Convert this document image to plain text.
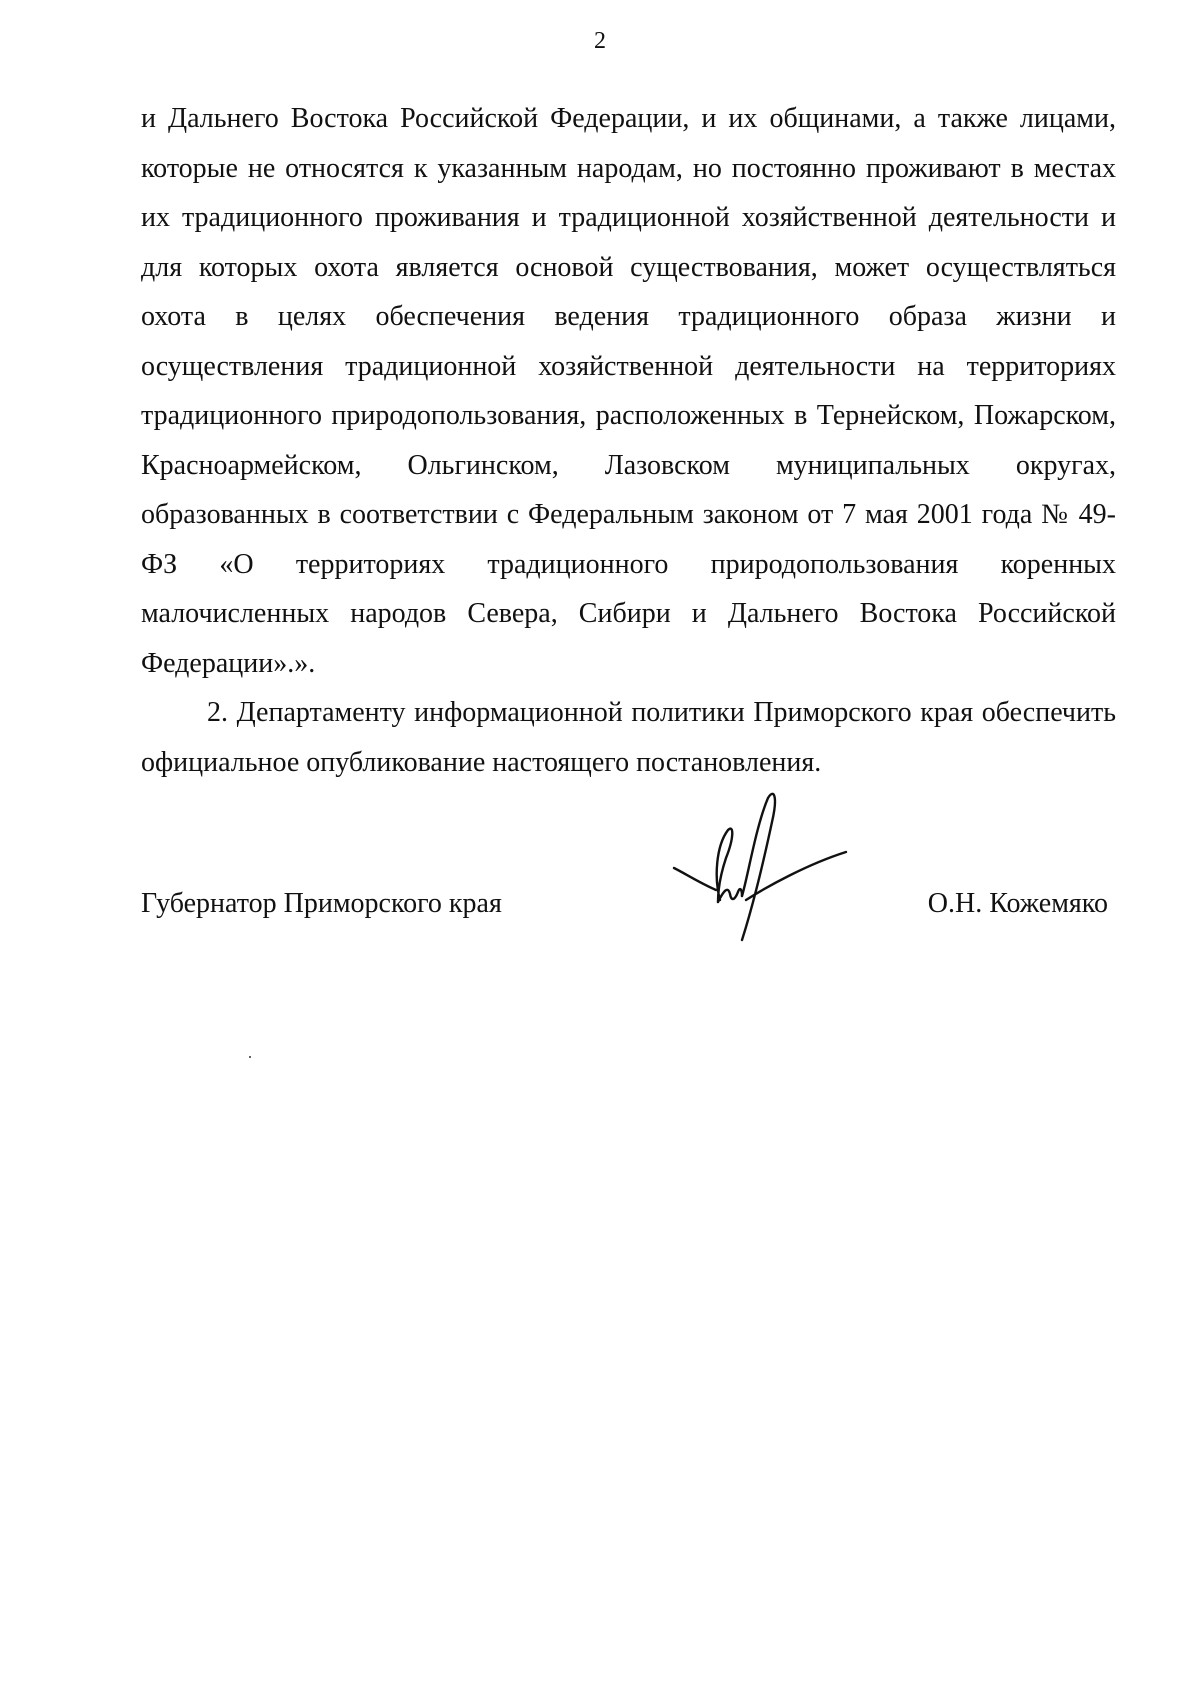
2

и Дальнего Востока Российской Федерации, и их общинами, а также лицами, которые не относятся к указанным народам, но постоянно проживают в местах их традиционного проживания и традиционной хозяйственной деятельности и для которых охота является основой существования, может осуществляться охота в целях обеспечения ведения традиционного образа жизни и осуществления традиционной хозяйственной деятельности на территориях традиционного природопользования, расположенных в Тернейском, Пожарском, Красноармейском, Ольгинском, Лазовском муниципальных округах, образованных в соответствии с Федеральным законом от 7 мая 2001 года № 49-ФЗ «О территориях традиционного природопользования коренных малочисленных народов Севера, Сибири и Дальнего Востока Российской Федерации».».

2. Департаменту информационной политики Приморского края обеспечить официальное опубликование настоящего постановления.

Губернатор Приморского края	О.Н. Кожемяко
